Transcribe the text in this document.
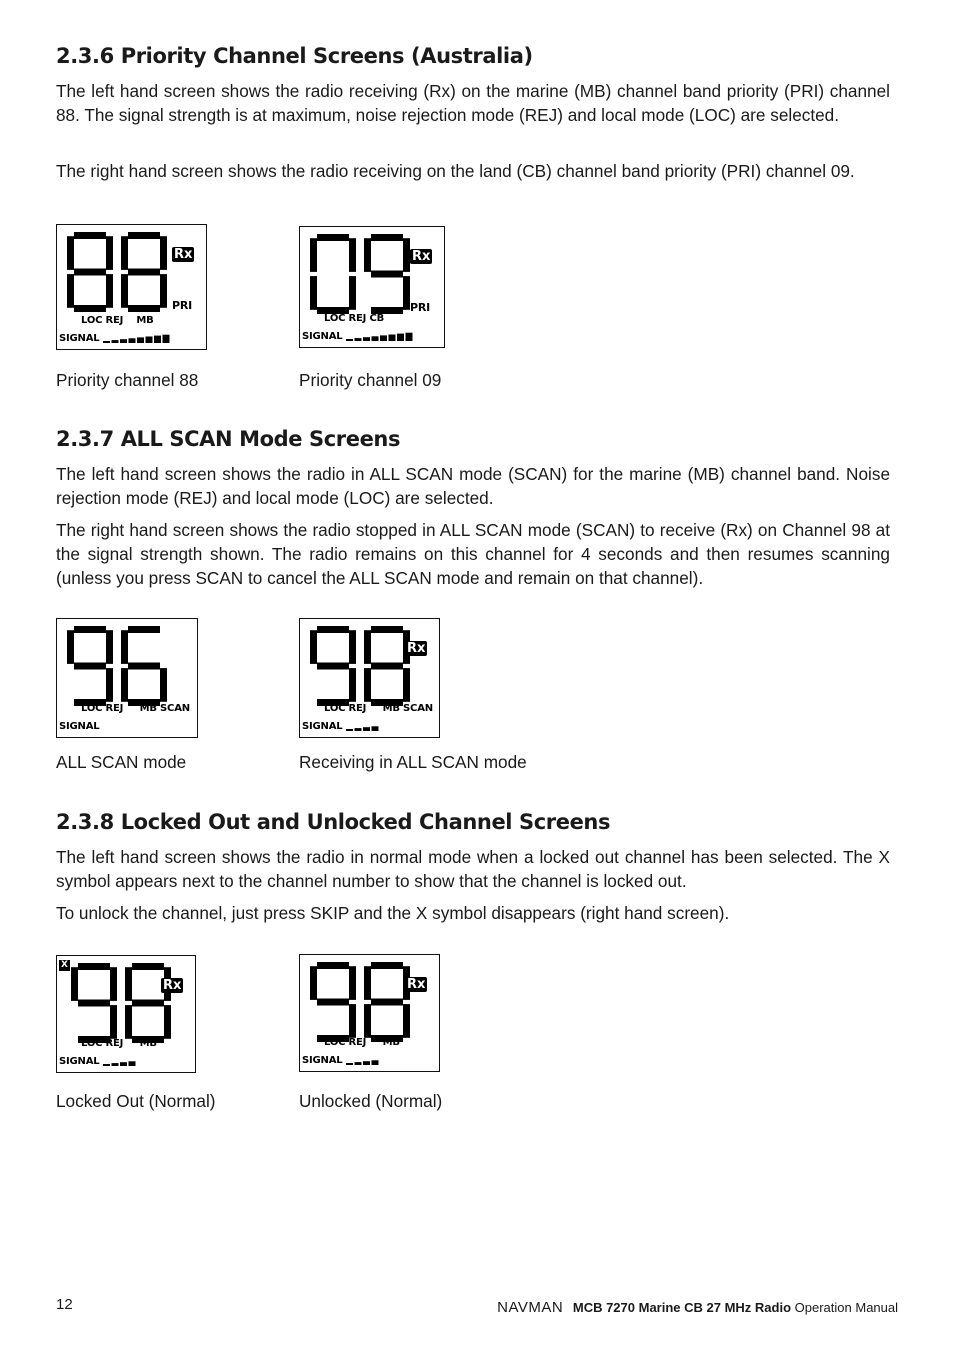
2.3.6 Priority Channel Screens (Australia)

The left hand screen shows the radio receiving (Rx) on the marine (MB) channel band priority (PRI) channel 88. The signal strength is at maximum, noise rejection mode (REJ) and local mode (LOC) are selected.

The right hand screen shows the radio receiving on the land (CB) channel band priority (PRI) channel 09.

Rx
PRI
LOC REJ    MB
SIGNAL
Rx
PRI
LOC REJ CB
SIGNAL
Priority channel 88	Priority channel 09
2.3.7 ALL SCAN Mode Screens

The left hand screen shows the radio in ALL SCAN mode (SCAN) for the marine (MB) channel band. Noise rejection mode (REJ) and local mode (LOC) are selected.

The right hand screen shows the radio stopped in ALL SCAN mode (SCAN) to receive (Rx) on Channel 98 at the signal strength shown. The radio remains on this channel for 4 seconds and then resumes scanning (unless you press SCAN to cancel the ALL SCAN mode and remain on that channel).

LOC REJ     MB SCAN
SIGNAL
Rx
LOC REJ     MB SCAN
SIGNAL
ALL SCAN mode	Receiving in ALL SCAN mode
2.3.8 Locked Out and Unlocked Channel Screens

The left hand screen shows the radio in normal mode when a locked out channel has been selected. The X symbol appears next to the channel number to show that the channel is locked out.

To unlock the channel, just press SKIP and the X symbol disappears (right hand screen).

Rx
X
LOC REJ     MB
SIGNAL
Rx
LOC REJ     MB
SIGNAL
Locked Out (Normal)	Unlocked (Normal)
12	NAVMAN MCB 7270 Marine CB 27 MHz Radio Operation Manual
